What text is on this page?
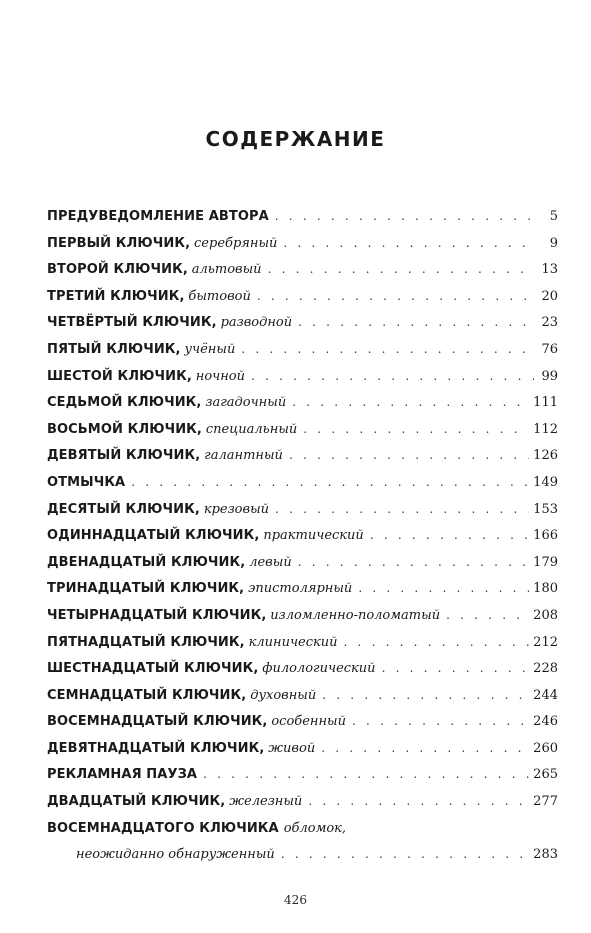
СОДЕРЖАНИЕ
ПРЕДУВЕДОМЛЕНИЕ АВТОРА . . .	5
ПЕРВЫЙ КЛЮЧИК, серебряный . . .	9
ВТОРОЙ КЛЮЧИК, альтовый . . .	13
ТРЕТИЙ КЛЮЧИК, бытовой . . .	20
ЧЕТВЁРТЫЙ КЛЮЧИК, разводной . . .	23
ПЯТЫЙ КЛЮЧИК, учёный . . .	76
ШЕСТОЙ КЛЮЧИК, ночной . . .	99
СЕДЬМОЙ КЛЮЧИК, загадочный . . .	111
ВОСЬМОЙ КЛЮЧИК, специальный . . .	112
ДЕВЯТЫЙ КЛЮЧИК, галантный . . .	126
ОТМЫЧКА . . .	149
ДЕСЯТЫЙ КЛЮЧИК, крезовый . . .	153
ОДИННАДЦАТЫЙ КЛЮЧИК, практический . . .	166
ДВЕНАДЦАТЫЙ КЛЮЧИК, левый . . .	179
ТРИНАДЦАТЫЙ КЛЮЧИК, эпистолярный . . .	180
ЧЕТЫРНАДЦАТЫЙ КЛЮЧИК, изломленно-поломатый . . .	208
ПЯТНАДЦАТЫЙ КЛЮЧИК, клинический . . .	212
ШЕСТНАДЦАТЫЙ КЛЮЧИК, филологический . . .	228
СЕМНАДЦАТЫЙ КЛЮЧИК, духовный . . .	244
ВОСЕМНАДЦАТЫЙ КЛЮЧИК, особенный . . .	246
ДЕВЯТНАДЦАТЫЙ КЛЮЧИК, живой . . .	260
РЕКЛАМНАЯ ПАУЗА . . .	265
ДВАДЦАТЫЙ КЛЮЧИК, железный . . .	277
ВОСЕМНАДЦАТОГО КЛЮЧИКА обломок,
неожиданно обнаруженный . . .	283
426
